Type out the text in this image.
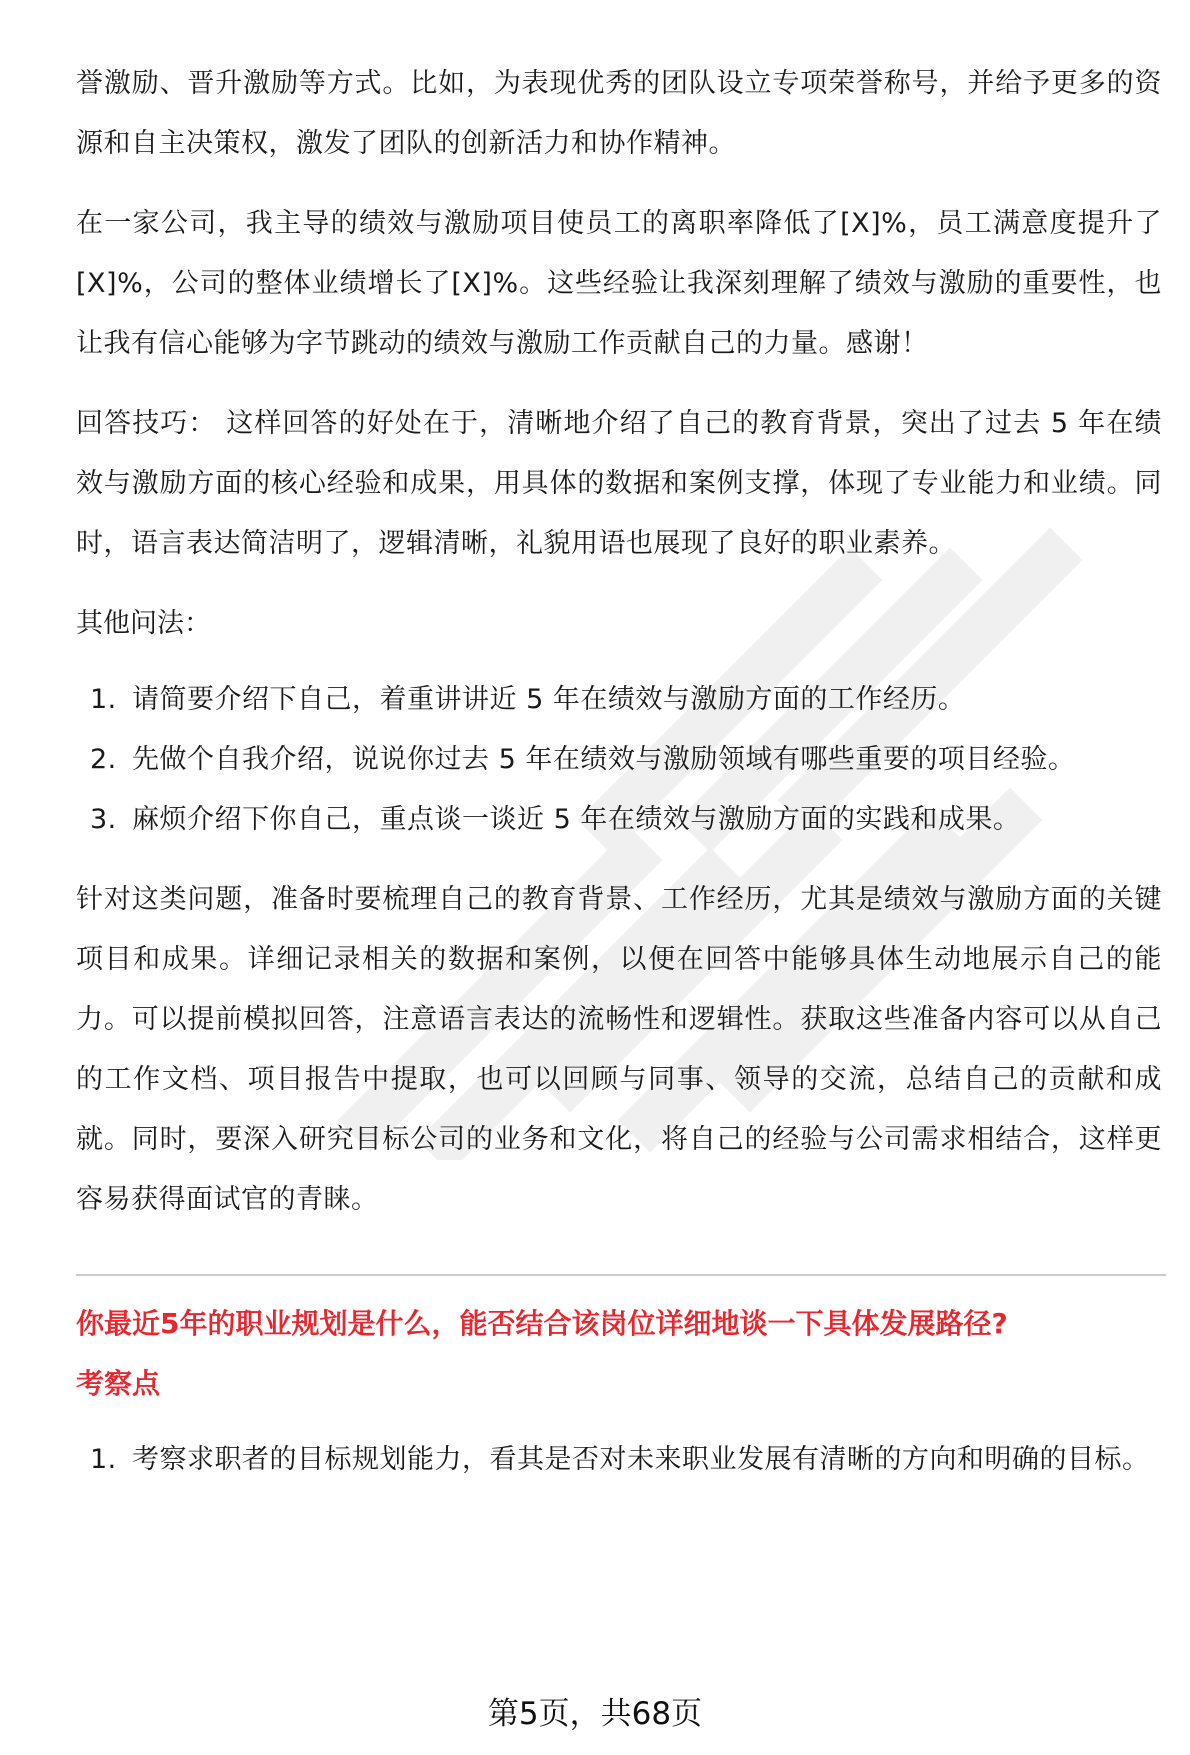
誉激励、晋升激励等方式。比如，为表现优秀的团队设立专项荣誉称号，并给予更多的资源和自主决策权，激发了团队的创新活力和协作精神。

在一家公司，我主导的绩效与激励项目使员工的离职率降低了[X]%，员工满意度提升了[X]%，公司的整体业绩增长了[X]%。这些经验让我深刻理解了绩效与激励的重要性，也让我有信心能够为字节跳动的绩效与激励工作贡献自己的力量。感谢！

回答技巧： 这样回答的好处在于，清晰地介绍了自己的教育背景，突出了过去 5 年在绩效与激励方面的核心经验和成果，用具体的数据和案例支撑，体现了专业能力和业绩。同时，语言表达简洁明了，逻辑清晰，礼貌用语也展现了良好的职业素养。

其他问法：

1. 请简要介绍下自己，着重讲讲近 5 年在绩效与激励方面的工作经历。
2. 先做个自我介绍，说说你过去 5 年在绩效与激励领域有哪些重要的项目经验。
3. 麻烦介绍下你自己，重点谈一谈近 5 年在绩效与激励方面的实践和成果。

针对这类问题，准备时要梳理自己的教育背景、工作经历，尤其是绩效与激励方面的关键项目和成果。详细记录相关的数据和案例，以便在回答中能够具体生动地展示自己的能力。可以提前模拟回答，注意语言表达的流畅性和逻辑性。获取这些准备内容可以从自己的工作文档、项目报告中提取，也可以回顾与同事、领导的交流，总结自己的贡献和成就。同时，要深入研究目标公司的业务和文化，将自己的经验与公司需求相结合，这样更容易获得面试官的青睐。

你最近5年的职业规划是什么，能否结合该岗位详细地谈一下具体发展路径?

考察点

1. 考察求职者的目标规划能力，看其是否对未来职业发展有清晰的方向和明确的目标。
第5页，共68页
